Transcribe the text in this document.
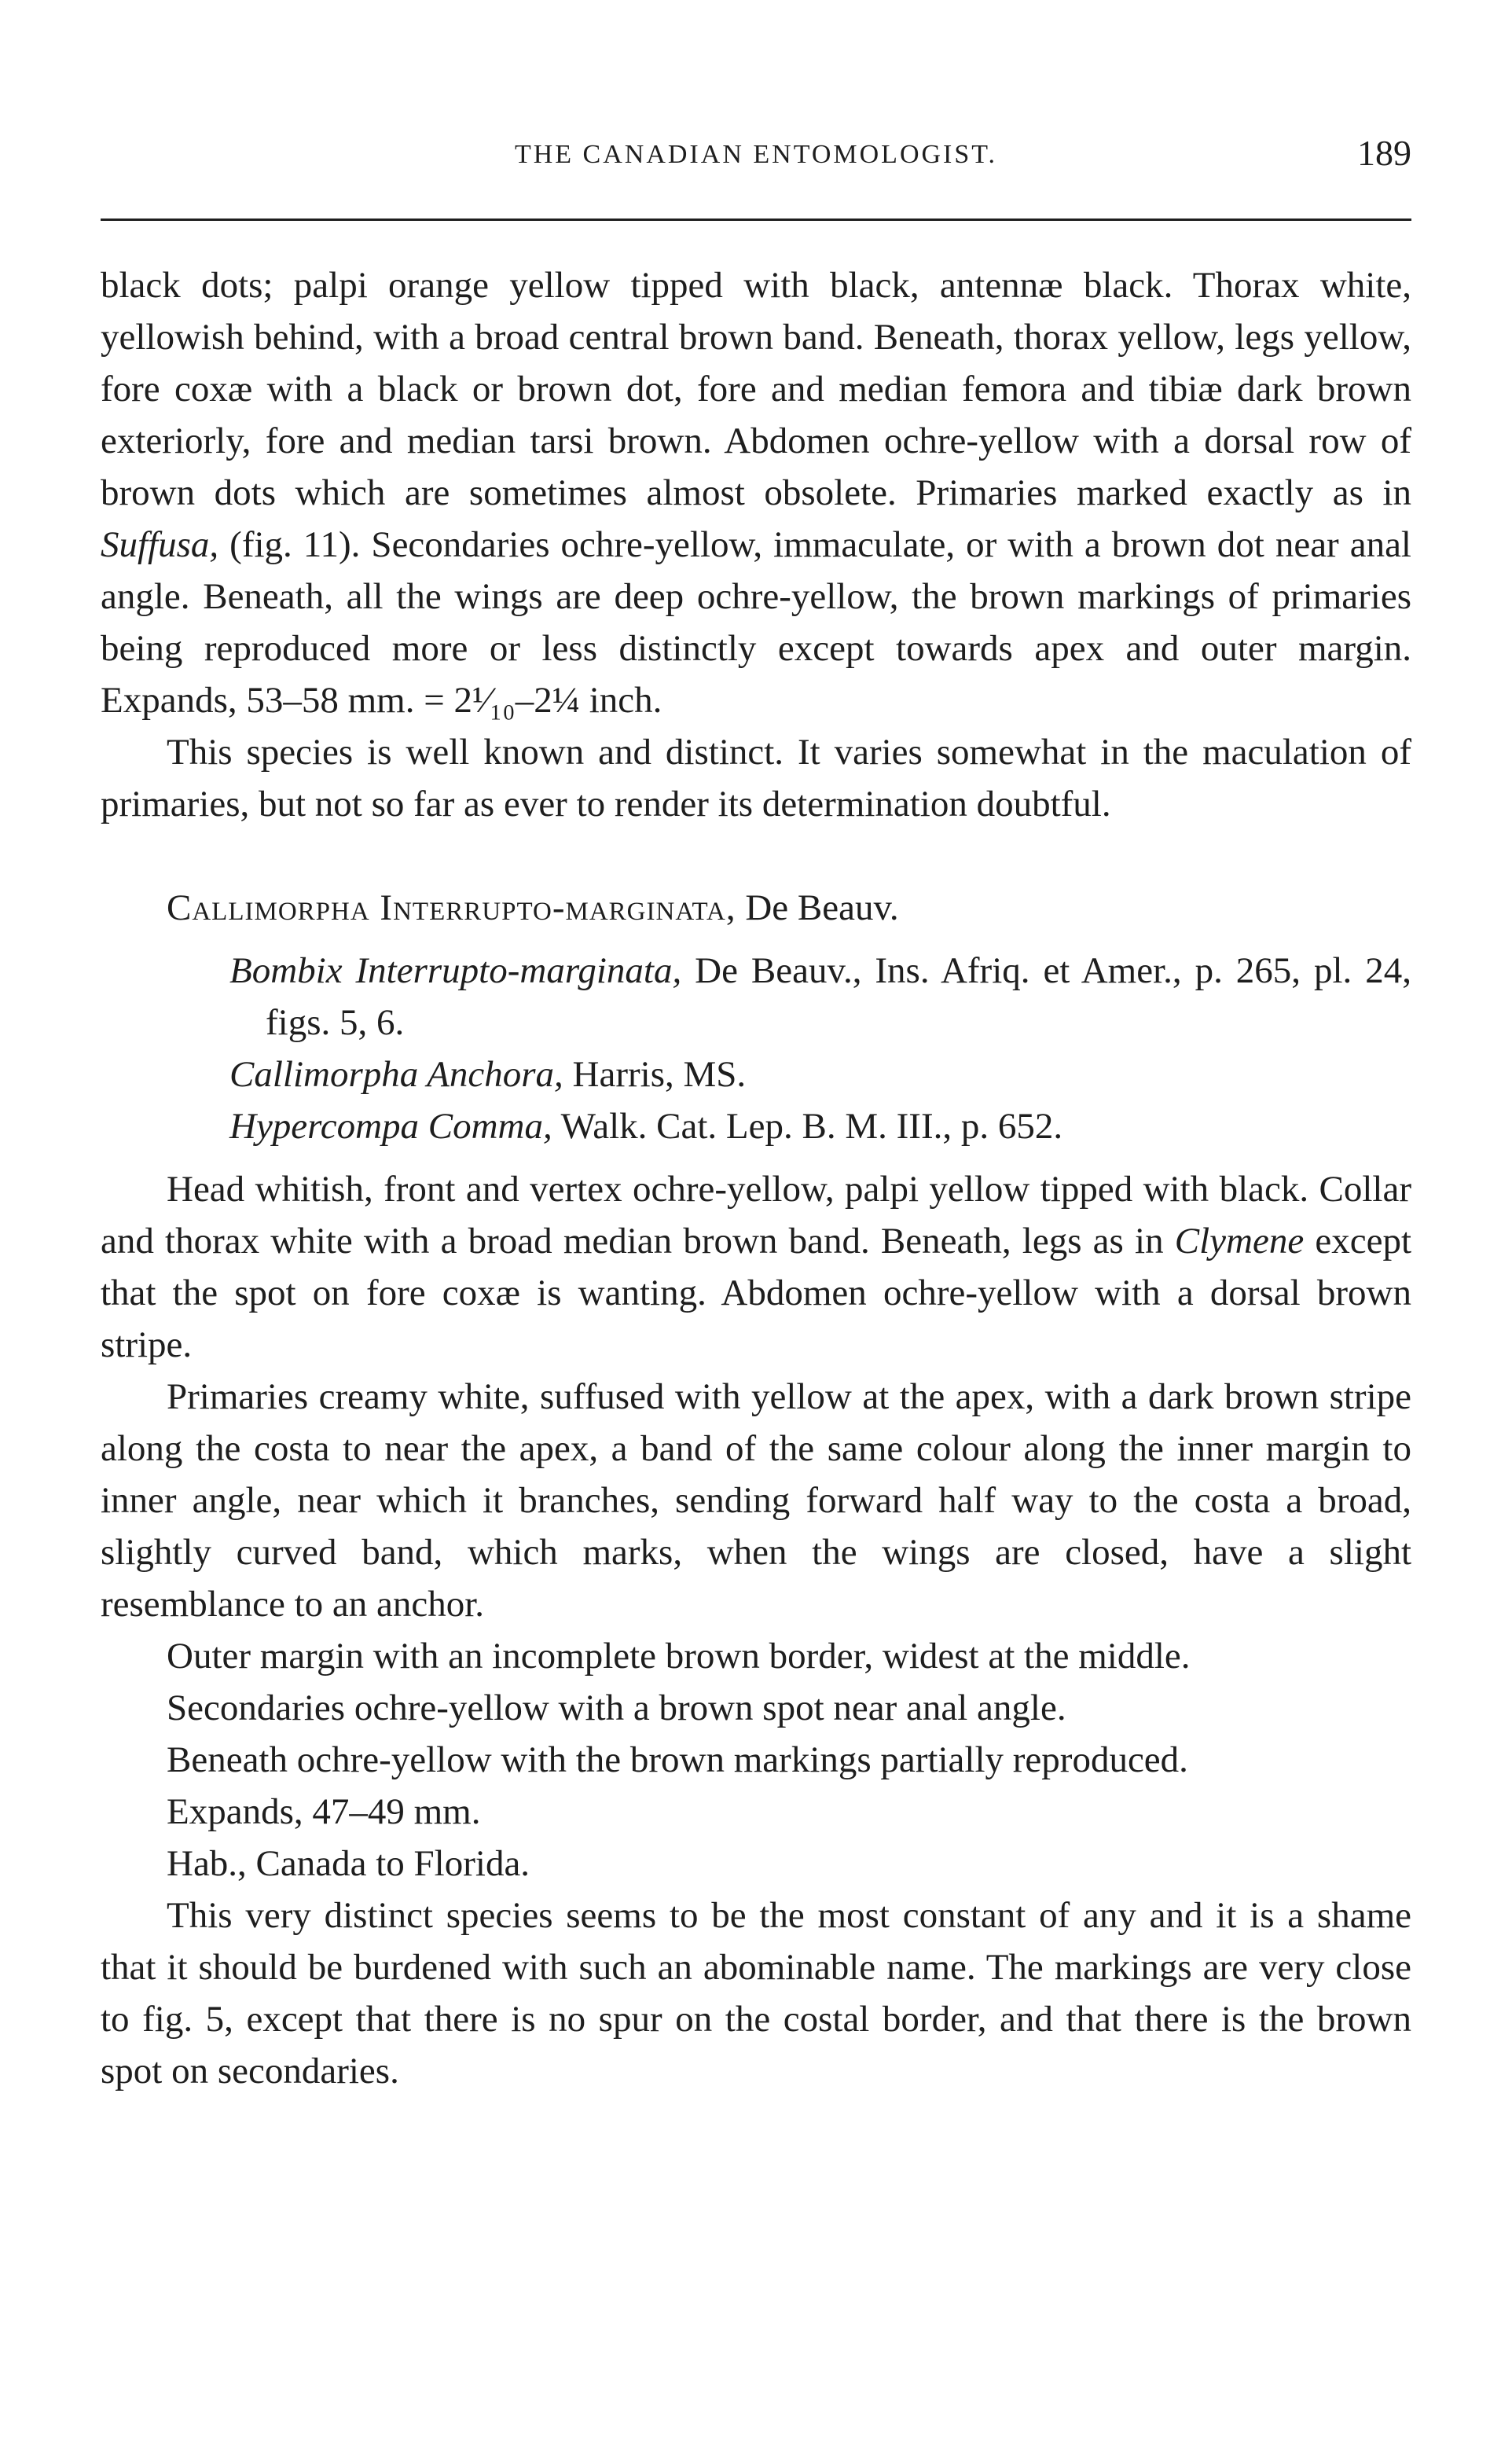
THE CANADIAN ENTOMOLOGIST.	189

black dots; palpi orange yellow tipped with black, antennæ black. Thorax white, yellowish behind, with a broad central brown band. Beneath, thorax yellow, legs yellow, fore coxæ with a black or brown dot, fore and median femora and tibiæ dark brown exteriorly, fore and median tarsi brown. Abdomen ochre-yellow with a dorsal row of brown dots which are sometimes almost obsolete. Primaries marked exactly as in Suffusa, (fig. 11). Secondaries ochre-yellow, immaculate, or with a brown dot near anal angle. Beneath, all the wings are deep ochre-yellow, the brown markings of primaries being reproduced more or less distinctly except towards apex and outer margin. Expands, 53–58 mm. = 2¹⁄₁₀–2¼ inch.

This species is well known and distinct. It varies somewhat in the maculation of primaries, but not so far as ever to render its determination doubtful.

Callimorpha Interrupto-marginata, De Beauv.

Bombix Interrupto-marginata, De Beauv., Ins. Afriq. et Amer., p. 265, pl. 24, figs. 5, 6.

Callimorpha Anchora, Harris, MS.

Hypercompa Comma, Walk. Cat. Lep. B. M. III., p. 652.

Head whitish, front and vertex ochre-yellow, palpi yellow tipped with black. Collar and thorax white with a broad median brown band. Beneath, legs as in Clymene except that the spot on fore coxæ is wanting. Abdomen ochre-yellow with a dorsal brown stripe.

Primaries creamy white, suffused with yellow at the apex, with a dark brown stripe along the costa to near the apex, a band of the same colour along the inner margin to inner angle, near which it branches, sending forward half way to the costa a broad, slightly curved band, which marks, when the wings are closed, have a slight resemblance to an anchor.

Outer margin with an incomplete brown border, widest at the middle.

Secondaries ochre-yellow with a brown spot near anal angle.

Beneath ochre-yellow with the brown markings partially reproduced.

Expands, 47–49 mm.

Hab., Canada to Florida.

This very distinct species seems to be the most constant of any and it is a shame that it should be burdened with such an abominable name. The markings are very close to fig. 5, except that there is no spur on the costal border, and that there is the brown spot on secondaries.
